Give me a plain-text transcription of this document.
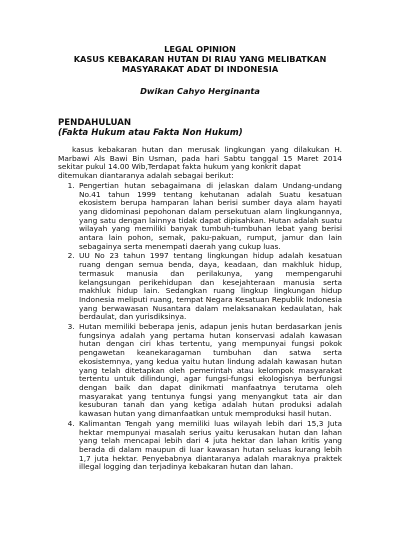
LEGAL OPINION

KASUS KEBAKARAN HUTAN DI RIAU YANG MELIBATKAN

MASYARAKAT ADAT DI INDONESIA

Dwikan Cahyo Herginanta

PENDAHULUAN

(Fakta Hukum atau Fakta Non Hukum)

kasus kebakaran hutan dan merusak lingkungan yang dilakukan H. Marbawi Als Bawi Bin Usman, pada hari Sabtu tanggal 15 Maret 2014 sekitar pukul 14.00 Wib,Terdapat fakta hukum yang konkrit dapat

ditemukan diantaranya adalah sebagai berikut:

1. Pengertian hutan sebagaimana di jelaskan dalam Undang-undang No.41 tahun 1999 tentang kehutanan adalah Suatu kesatuan ekosistem berupa hamparan lahan berisi sumber daya alam hayati yang didominasi pepohonan dalam persekutuan alam lingkungannya, yang satu dengan lainnya tidak dapat dipisahkan. Hutan adalah suatu wilayah yang memiliki banyak tumbuh-tumbuhan lebat yang berisi antara lain pohon, semak, paku-pakuan, rumput, jamur dan lain sebagainya serta menempati daerah yang cukup luas.
2. UU No 23 tahun 1997 tentang lingkungan hidup adalah kesatuan ruang dengan semua benda, daya, keadaan, dan makhluk hidup, termasuk manusia dan perilakunya, yang mempengaruhi kelangsungan perikehidupan dan kesejahteraan manusia serta makhluk hidup lain. Sedangkan ruang lingkup lingkungan hidup Indonesia meliputi ruang, tempat Negara Kesatuan Republik Indonesia yang berwawasan Nusantara dalam melaksanakan kedaulatan, hak berdaulat, dan yurisdiksinya.
3. Hutan memiliki beberapa jenis, adapun jenis hutan berdasarkan jenis fungsinya adalah yang pertama hutan konservasi adalah kawasan hutan dengan ciri khas tertentu, yang mempunyai fungsi pokok pengawetan keanekaragaman tumbuhan dan satwa serta ekosistemnya, yang kedua yaitu hutan lindung adalah kawasan hutan yang telah ditetapkan oleh pemerintah atau kelompok masyarakat tertentu untuk dilindungi, agar fungsi-fungsi ekologisnya berfungsi dengan baik dan dapat dinikmati manfaatnya terutama oleh masyarakat yang tentunya fungsi yang menyangkut tata air dan kesuburan tanah dan yang ketiga adalah hutan produksi adalah kawasan hutan yang dimanfaatkan untuk memproduksi hasil hutan.
4. Kalimantan Tengah yang memiliki luas wilayah lebih dari 15,3 Juta hektar mempunyai masalah serius yaitu kerusakan hutan dan lahan yang telah mencapai lebih dari 4 juta hektar dan lahan kritis yang berada di dalam maupun di luar kawasan hutan seluas kurang lebih 1,7 juta hektar. Penyebabnya diantaranya adalah maraknya praktek illegal logging dan terjadinya kebakaran hutan dan lahan.
